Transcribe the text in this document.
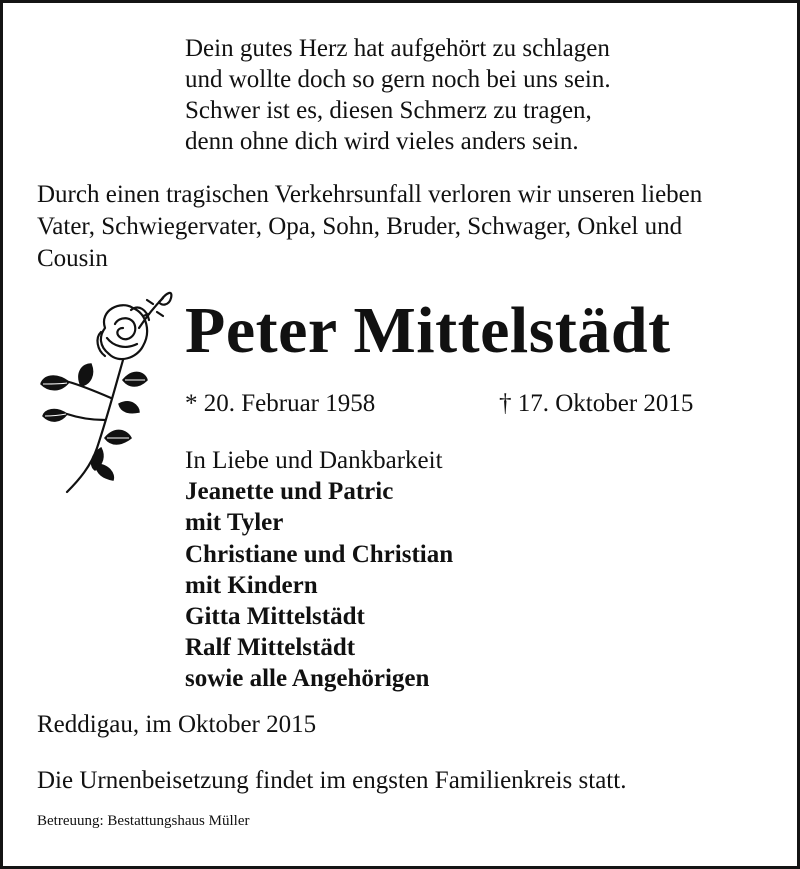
Dein gutes Herz hat aufgehört zu schlagen
und wollte doch so gern noch bei uns sein.
Schwer ist es, diesen Schmerz zu tragen,
denn ohne dich wird vieles anders sein.
Durch einen tragischen Verkehrsunfall verloren wir unseren lieben
Vater, Schwiegervater, Opa, Sohn, Bruder, Schwager, Onkel und
Cousin
Peter Mittelstädt
* 20. Februar 1958	† 17. Oktober 2015
In Liebe und Dankbarkeit
Jeanette und Patric
mit Tyler
Christiane und Christian
mit Kindern
Gitta Mittelstädt
Ralf Mittelstädt
sowie alle Angehörigen
Reddigau, im Oktober 2015
Die Urnenbeisetzung findet im engsten Familienkreis statt.
Betreuung: Bestattungshaus Müller
